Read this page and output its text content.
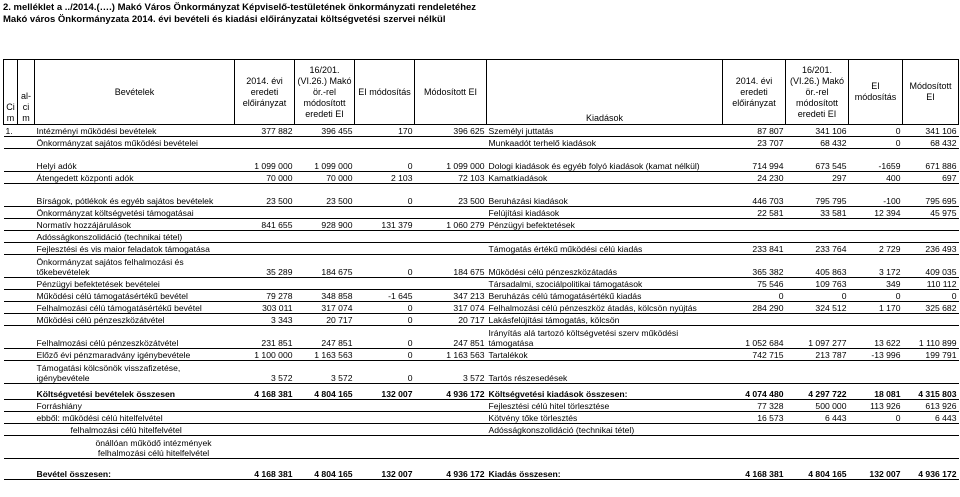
2. melléklet a ../2014.(….) Makó Város Önkormányzat Képviselő-testületének önkormányzati rendeletéhez
Makó város Önkormányzata 2014. évi bevételi és kiadási előirányzatai költségvetési szervei nélkül
Ci m	al- ci m	Bevételek	2014. évi eredeti előirányzat	16/201.(VI.26.) Makó ör.-rel módosított eredeti EI	EI módosítás	Módosított EI	Kiadások	2014. évi eredeti előirányzat	16/201.(VI.26.) Makó ör.-rel módosított eredeti EI	EI módosítás	Módosított EI
1.		Intézményi működési bevételek	377 882	396 455	170	396 625	Személyi juttatás	87 807	341 106	0	341 106
		Önkormányzat sajátos működési bevételei					Munkaadót terhelő kiadások	23 707	68 432	0	68 432
		Helyi adók	1 099 000	1 099 000	0	1 099 000	Dologi kiadások és egyéb folyó kiadások (kamat nélkül)	714 994	673 545	-1659	671 886
		Átengedett központi adók	70 000	70 000	2 103	72 103	Kamatkiadások	24 230	297	400	697
		Bírságok, pótlékok és egyéb sajátos bevételek	23 500	23 500	0	23 500	Beruházási kiadások	446 703	795 795	-100	795 695
		Önkormányzat költségvetési támogatásai					Felújítási kiadások	22 581	33 581	12 394	45 975
		Normatív hozzájárulások	841 655	928 900	131 379	1 060 279	Pénzügyi befektetések				
		Adósságkonszolidáció (technikai tétel)									
		Fejlesztési és vis maior feladatok támogatása					Támogatás értékű működési célú kiadás	233 841	233 764	2 729	236 493
		Önkormányzat sajátos felhalmozási és tőkebevételek	35 289	184 675	0	184 675	Működési célú pénzeszközátadás	365 382	405 863	3 172	409 035
		Pénzügyi befektetések bevételei					Társadalmi, szociálpolitikai támogatások	75 546	109 763	349	110 112
		Működési célú támogatásértékű bevétel	79 278	348 858	-1 645	347 213	Beruházás célú támogatásértékű kiadás	0	0	0	0
		Felhalmozási célú támogatásértékű bevétel	303 011	317 074	0	317 074	Felhalmozási célú pénzeszköz átadás, kölcsön nyújtás	284 290	324 512	1 170	325 682
		Működési célú pénzeszközátvétel	3 343	20 717	0	20 717	Lakásfelújítási támogatás, kölcsön				
		Felhalmozási célú pénzeszközátvétel	231 851	247 851	0	247 851	Irányítás alá tartozó költségvetési szerv működési támogatása	1 052 684	1 097 277	13 622	1 110 899
		Előző évi pénzmaradvány igénybevétele	1 100 000	1 163 563	0	1 163 563	Tartalékok	742 715	213 787	-13 996	199 791
		Támogatási kölcsönök visszafizetése, igénybevétele	3 572	3 572	0	3 572	Tartós részesedések				

		Költségvetési bevételek összesen	4 168 381	4 804 165	132 007	4 936 172	Költségvetési kiadások összesen:	4 074 480	4 297 722	18 081	4 315 803
		Forráshiány					Fejlesztési célú hitel törlesztése	77 328	500 000	113 926	613 926
		ebből: működési célú hitelfelvétel					Kötvény tőke törlesztés	16 573	6 443	0	6 443
		felhalmozási célú hitelfelvétel					Adósságkonszolidáció (technikai tétel)				
		önállóan működő intézmények felhalmozási célú hitelfelvétel									

		Bevétel összesen:	4 168 381	4 804 165	132 007	4 936 172	Kiadás összesen:	4 168 381	4 804 165	132 007	4 936 172
